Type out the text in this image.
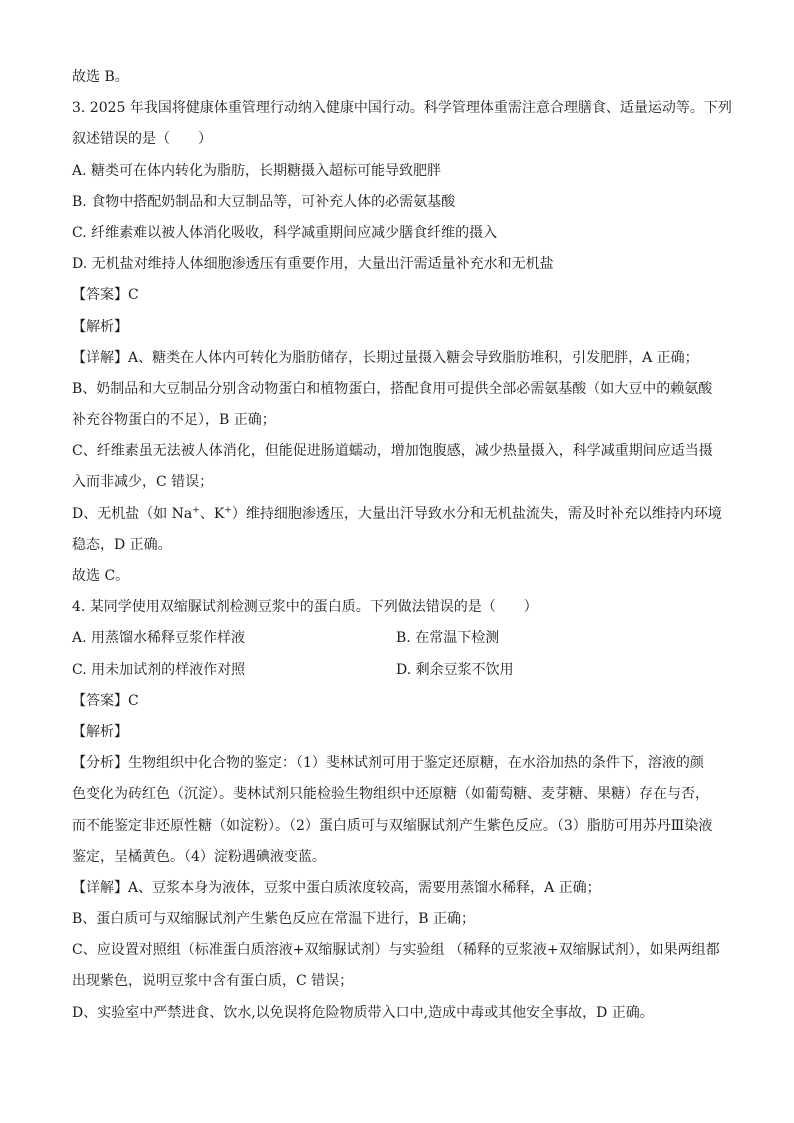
故选 B。
3. 2025 年我国将健康体重管理行动纳入健康中国行动。科学管理体重需注意合理膳食、适量运动等。下列
叙述错误的是（　　）
A. 糖类可在体内转化为脂肪，长期糖摄入超标可能导致肥胖
B. 食物中搭配奶制品和大豆制品等，可补充人体的必需氨基酸
C. 纤维素难以被人体消化吸收，科学减重期间应减少膳食纤维的摄入
D. 无机盐对维持人体细胞渗透压有重要作用，大量出汗需适量补充水和无机盐
【答案】C
【解析】
【详解】A、糖类在人体内可转化为脂肪储存，长期过量摄入糖会导致脂肪堆积，引发肥胖，A 正确；
B、奶制品和大豆制品分别含动物蛋白和植物蛋白，搭配食用可提供全部必需氨基酸（如大豆中的赖氨酸
补充谷物蛋白的不足），B 正确；
C、纤维素虽无法被人体消化，但能促进肠道蠕动，增加饱腹感，减少热量摄入，科学减重期间应适当摄
入而非减少，C 错误；
D、无机盐（如 Na+、K+）维持细胞渗透压，大量出汗导致水分和无机盐流失，需及时补充以维持内环境
稳态，D 正确。
故选 C。
4. 某同学使用双缩脲试剂检测豆浆中的蛋白质。下列做法错误的是（　　）
A. 用蒸馏水稀释豆浆作样液	B. 在常温下检测
C. 用未加试剂的样液作对照	D. 剩余豆浆不饮用
【答案】C
【解析】
【分析】生物组织中化合物的鉴定：（1）斐林试剂可用于鉴定还原糖，在水浴加热的条件下，溶液的颜
色变化为砖红色（沉淀）。斐林试剂只能检验生物组织中还原糖（如葡萄糖、麦芽糖、果糖）存在与否，
而不能鉴定非还原性糖（如淀粉）。（2）蛋白质可与双缩脲试剂产生紫色反应。（3）脂肪可用苏丹Ⅲ染液
鉴定，呈橘黄色。（4）淀粉遇碘液变蓝。
【详解】A、豆浆本身为液体，豆浆中蛋白质浓度较高，需要用蒸馏水稀释，A 正确；
B、蛋白质可与双缩脲试剂产生紫色反应在常温下进行，B 正确；
C、应设置对照组（标准蛋白质溶液+双缩脲试剂）与实验组 （稀释的豆浆液+双缩脲试剂），如果两组都
出现紫色，说明豆浆中含有蛋白质，C 错误；
D、实验室中严禁进食、饮水,以免误将危险物质带入口中,造成中毒或其他安全事故，D 正确。
